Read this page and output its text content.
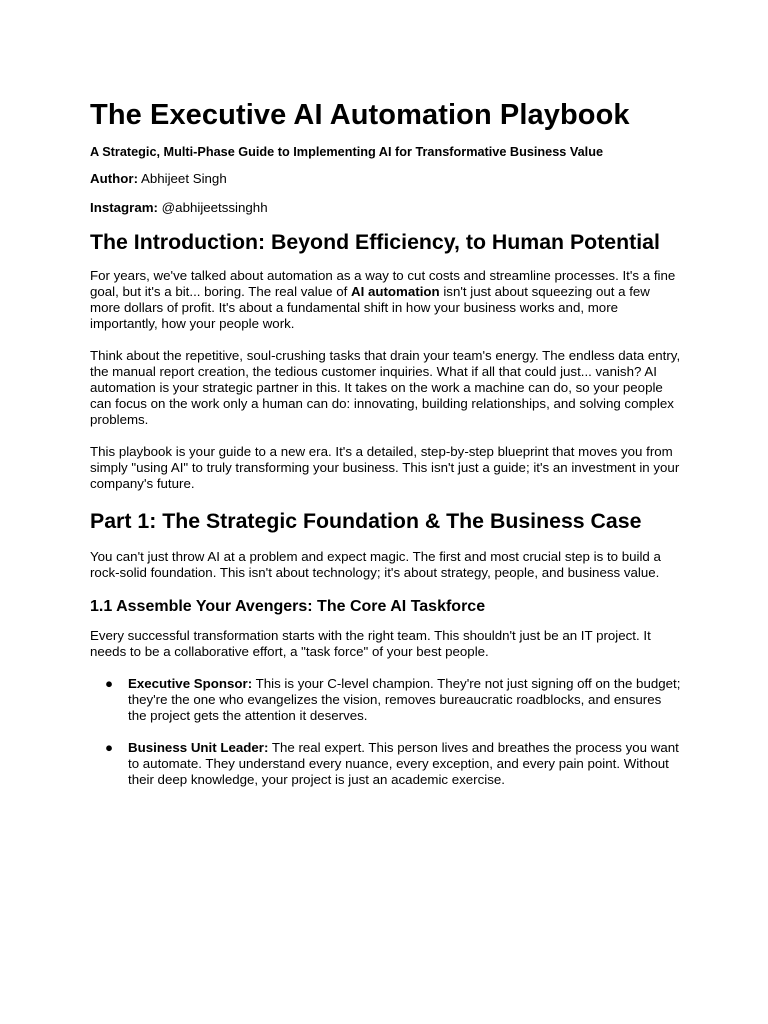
The Executive AI Automation Playbook
A Strategic, Multi-Phase Guide to Implementing AI for Transformative Business Value

Author: Abhijeet Singh

Instagram: @abhijeetssinghh

The Introduction: Beyond Efficiency, to Human Potential

For years, we've talked about automation as a way to cut costs and streamline processes. It's a fine goal, but it's a bit... boring. The real value of AI automation isn't just about squeezing out a few more dollars of profit. It's about a fundamental shift in how your business works and, more importantly, how your people work.

Think about the repetitive, soul-crushing tasks that drain your team's energy. The endless data entry, the manual report creation, the tedious customer inquiries. What if all that could just... vanish? AI automation is your strategic partner in this. It takes on the work a machine can do, so your people can focus on the work only a human can do: innovating, building relationships, and solving complex problems.

This playbook is your guide to a new era. It's a detailed, step-by-step blueprint that moves you from simply "using AI" to truly transforming your business. This isn't just a guide; it's an investment in your company's future.

Part 1: The Strategic Foundation & The Business Case

You can't just throw AI at a problem and expect magic. The first and most crucial step is to build a rock-solid foundation. This isn't about technology; it's about strategy, people, and business value.

1.1 Assemble Your Avengers: The Core AI Taskforce

Every successful transformation starts with the right team. This shouldn't just be an IT project. It needs to be a collaborative effort, a "task force" of your best people.

● Executive Sponsor: This is your C-level champion. They're not just signing off on the budget; they're the one who evangelizes the vision, removes bureaucratic roadblocks, and ensures the project gets the attention it deserves.
● Business Unit Leader: The real expert. This person lives and breathes the process you want to automate. They understand every nuance, every exception, and every pain point. Without their deep knowledge, your project is just an academic exercise.
